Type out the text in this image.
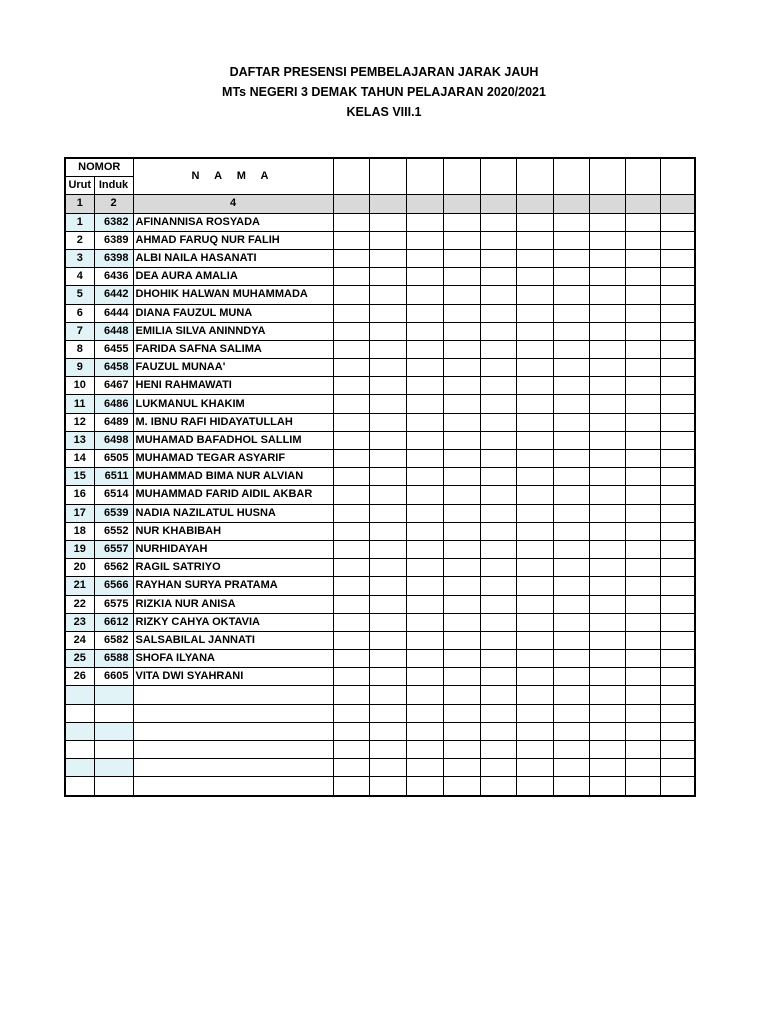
DAFTAR PRESENSI PEMBELAJARAN JARAK JAUH
MTs NEGERI 3 DEMAK TAHUN PELAJARAN 2020/2021
KELAS VIII.1
NOMOR		N A M A										
Urut	Induk											
1	2	4										
1	6382	AFINANNISA ROSYADA										
2	6389	AHMAD FARUQ NUR FALIH										
3	6398	ALBI NAILA HASANATI										
4	6436	DEA AURA AMALIA										
5	6442	DHOHIK HALWAN MUHAMMADA										
6	6444	DIANA FAUZUL MUNA										
7	6448	EMILIA SILVA ANINNDYA										
8	6455	FARIDA SAFNA SALIMA										
9	6458	FAUZUL MUNAA'										
10	6467	HENI RAHMAWATI										
11	6486	LUKMANUL KHAKIM										
12	6489	M. IBNU RAFI HIDAYATULLAH										
13	6498	MUHAMAD BAFADHOL SALLIM										
14	6505	MUHAMAD TEGAR ASYARIF										
15	6511	MUHAMMAD BIMA NUR ALVIAN										
16	6514	MUHAMMAD FARID AIDIL AKBAR										
17	6539	NADIA NAZILATUL HUSNA										
18	6552	NUR KHABIBAH										
19	6557	NURHIDAYAH										
20	6562	RAGIL SATRIYO										
21	6566	RAYHAN SURYA PRATAMA										
22	6575	RIZKIA NUR ANISA										
23	6612	RIZKY CAHYA OKTAVIA										
24	6582	SALSABILAL JANNATI										
25	6588	SHOFA ILYANA										
26	6605	VITA DWI SYAHRANI										
